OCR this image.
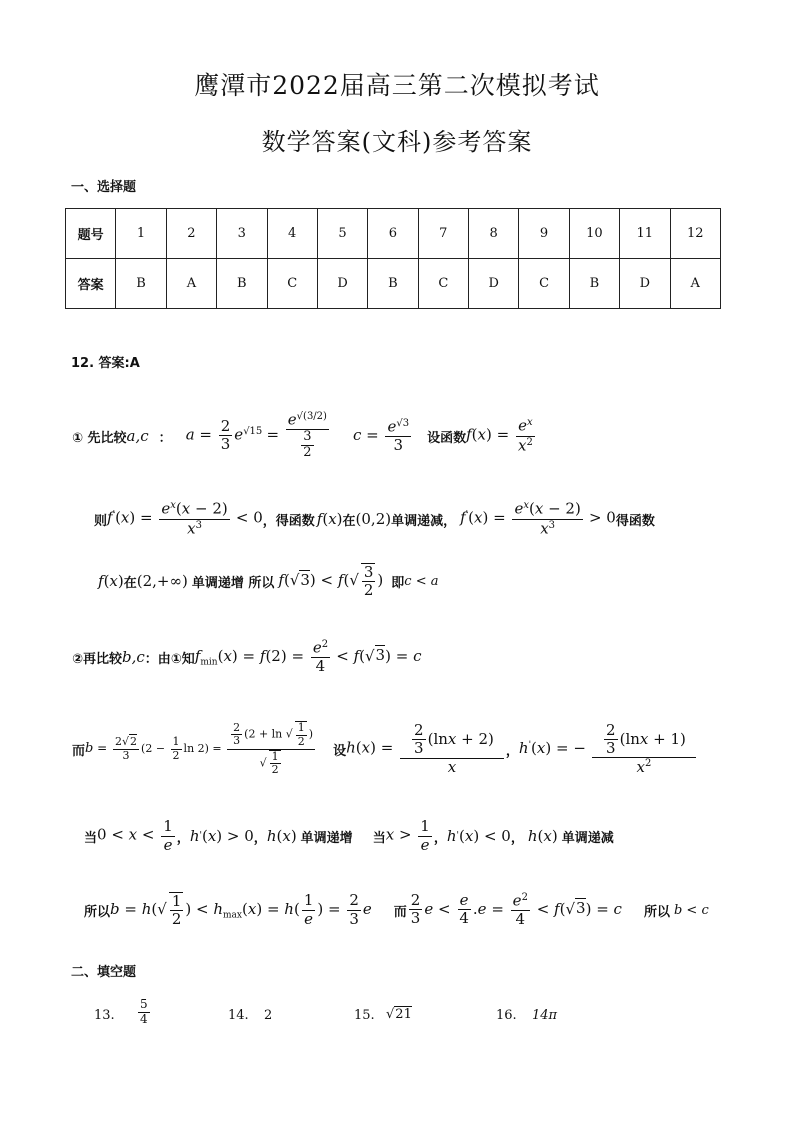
鹰潭市2022届高三第二次模拟考试
数学答案(文科)参考答案
一、选择题
题号	1	2	3	4	5	6	7	8	9	10	11	12
答案	B	A	B	C	D	B	C	D	C	B	D	A
12. 答案:A
① 先比较 a,c ： $a = \frac{2}{3} e^{√15} = \frac{e^{√(3/2)}}{\frac{3}{2}}$ $c = \frac{e^{√3}}{3}$ 设函数 $f(x) = \frac{e^x}{x^2}$
则 $f'(x) = \frac{e^x(x - 2)}{x^3} < 0$ ，得函数 f ( x ) 在 (0,2) 单调递减， $f'(x) = \frac{e^x(x - 2)}{x^3} > 0$ 得函数
f ( x ) 在 (2,+∞) 单调递增 所以 $f(√3) < f(√ \frac{3}{2}$ ) 即 c < a
②再比较 b,c ：由①知 $f_{min}(x) = f(2) = \frac{e^2}{4} < f(√3) = c$
而 $b = \frac{2√2}{3} (2 - \frac{1}{2}$ $\ln 2) = \frac{\frac{2}{3} (2 + \ln √ \frac{1}{2} )}{√ \frac{1}{2}}$ 设 $h(x) = \frac{\frac{2}{3} (\ln x + 2)}{x}$ ， h'(x) = − $\frac{\frac{2}{3} (\ln x + 1)}{x^2}$
当 $0 < x < \frac{1}{e}$ ， h ' ( x ) > 0 ， h ( x ) 单调递增 当 $x > \frac{1}{e}$ ， h ' ( x ) < 0 ， h ( x ) 单调递减
所以 $b = h(√ \frac{1}{2}$ ) < $h_{max}(x) = h( \frac{1}{e}$ ) = $\frac{2}{3}$ e 而 $\frac{2}{3}$ $e < \frac{e}{4} .e = \frac{e^2}{4} < f(√3) = c$ 所以 b < c
二、填空题
13. $\frac{5}{4}$	14. 2	15. √21	16. 14π
